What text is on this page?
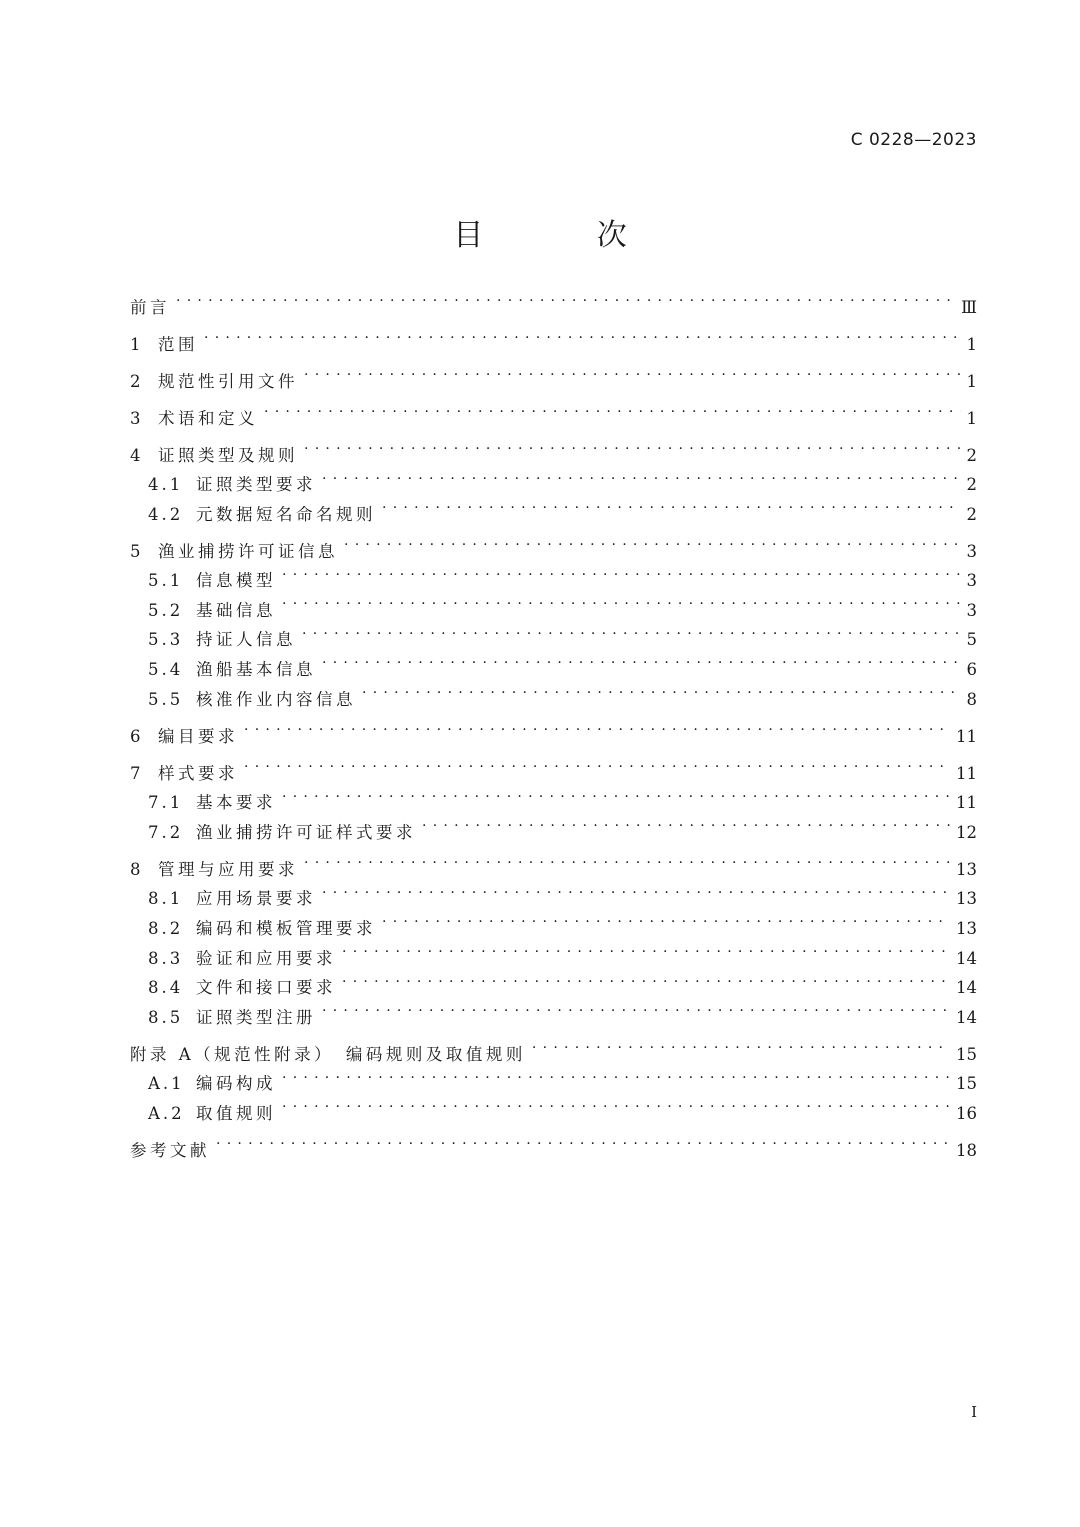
C 0228—2023
目 次
前言 . . .	Ⅲ
1	范围 . . .	1
2	规范性引用文件 . . .	1
3	术语和定义 . . .	1
4	证照类型及规则 . . .	2
4.1 证照类型要求 . . .	2
4.2 元数据短名命名规则 . . .	2
5	渔业捕捞许可证信息 . . .	3
5.1 信息模型 . . .	3
5.2 基础信息 . . .	3
5.3 持证人信息 . . .	5
5.4 渔船基本信息 . . .	6
5.5 核准作业内容信息 . . .	8
6	编目要求 . . .	11
7	样式要求 . . .	11
7.1 基本要求 . . .	11
7.2 渔业捕捞许可证样式要求 . . .	12
8	管理与应用要求 . . .	13
8.1 应用场景要求 . . .	13
8.2 编码和模板管理要求 . . .	13
8.3 验证和应用要求 . . .	14
8.4 文件和接口要求 . . .	14
8.5 证照类型注册 . . .	14
附录 A（规范性附录）　编码规则及取值规则 . . .	15
A.1 编码构成 . . .	15
A.2 取值规则 . . .	16
参考文献 . . .	18
I
